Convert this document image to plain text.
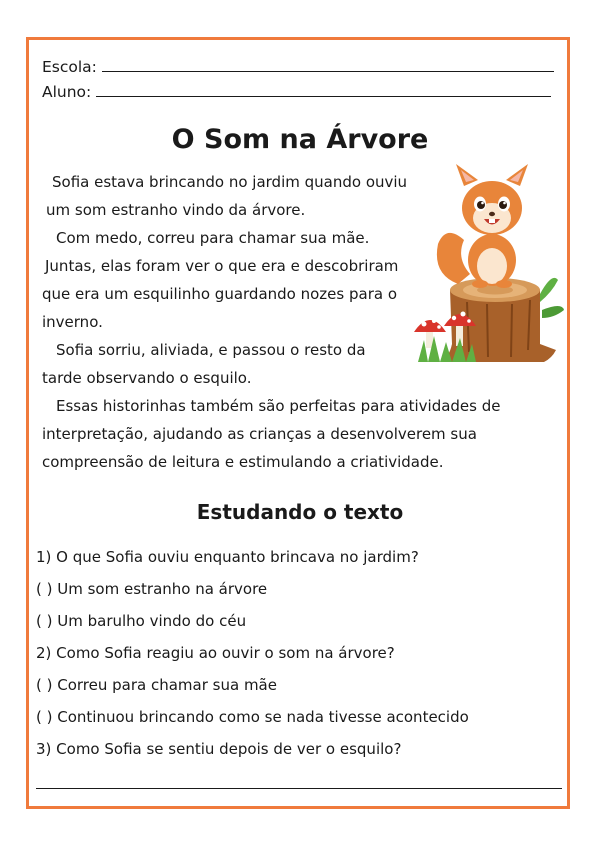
Escola:
Aluno:
O Som na Árvore
Sofia estava brincando no jardim quando ouviu
um som estranho vindo da árvore.
Com medo, correu para chamar sua mãe.
Juntas, elas foram ver o que era e descobriram
que era um esquilinho guardando nozes para o
inverno.
Sofia sorriu, aliviada, e passou o resto da
tarde observando o esquilo.
Essas historinhas também são perfeitas para atividades de
interpretação, ajudando as crianças a desenvolverem sua
compreensão de leitura e estimulando a criatividade.
Estudando o texto
1) O que Sofia ouviu enquanto brincava no jardim?
( ) Um som estranho na árvore
( ) Um barulho vindo do céu
2) Como Sofia reagiu ao ouvir o som na árvore?
( ) Correu para chamar sua mãe
( ) Continuou brincando como se nada tivesse acontecido
3) Como Sofia se sentiu depois de ver o esquilo?
